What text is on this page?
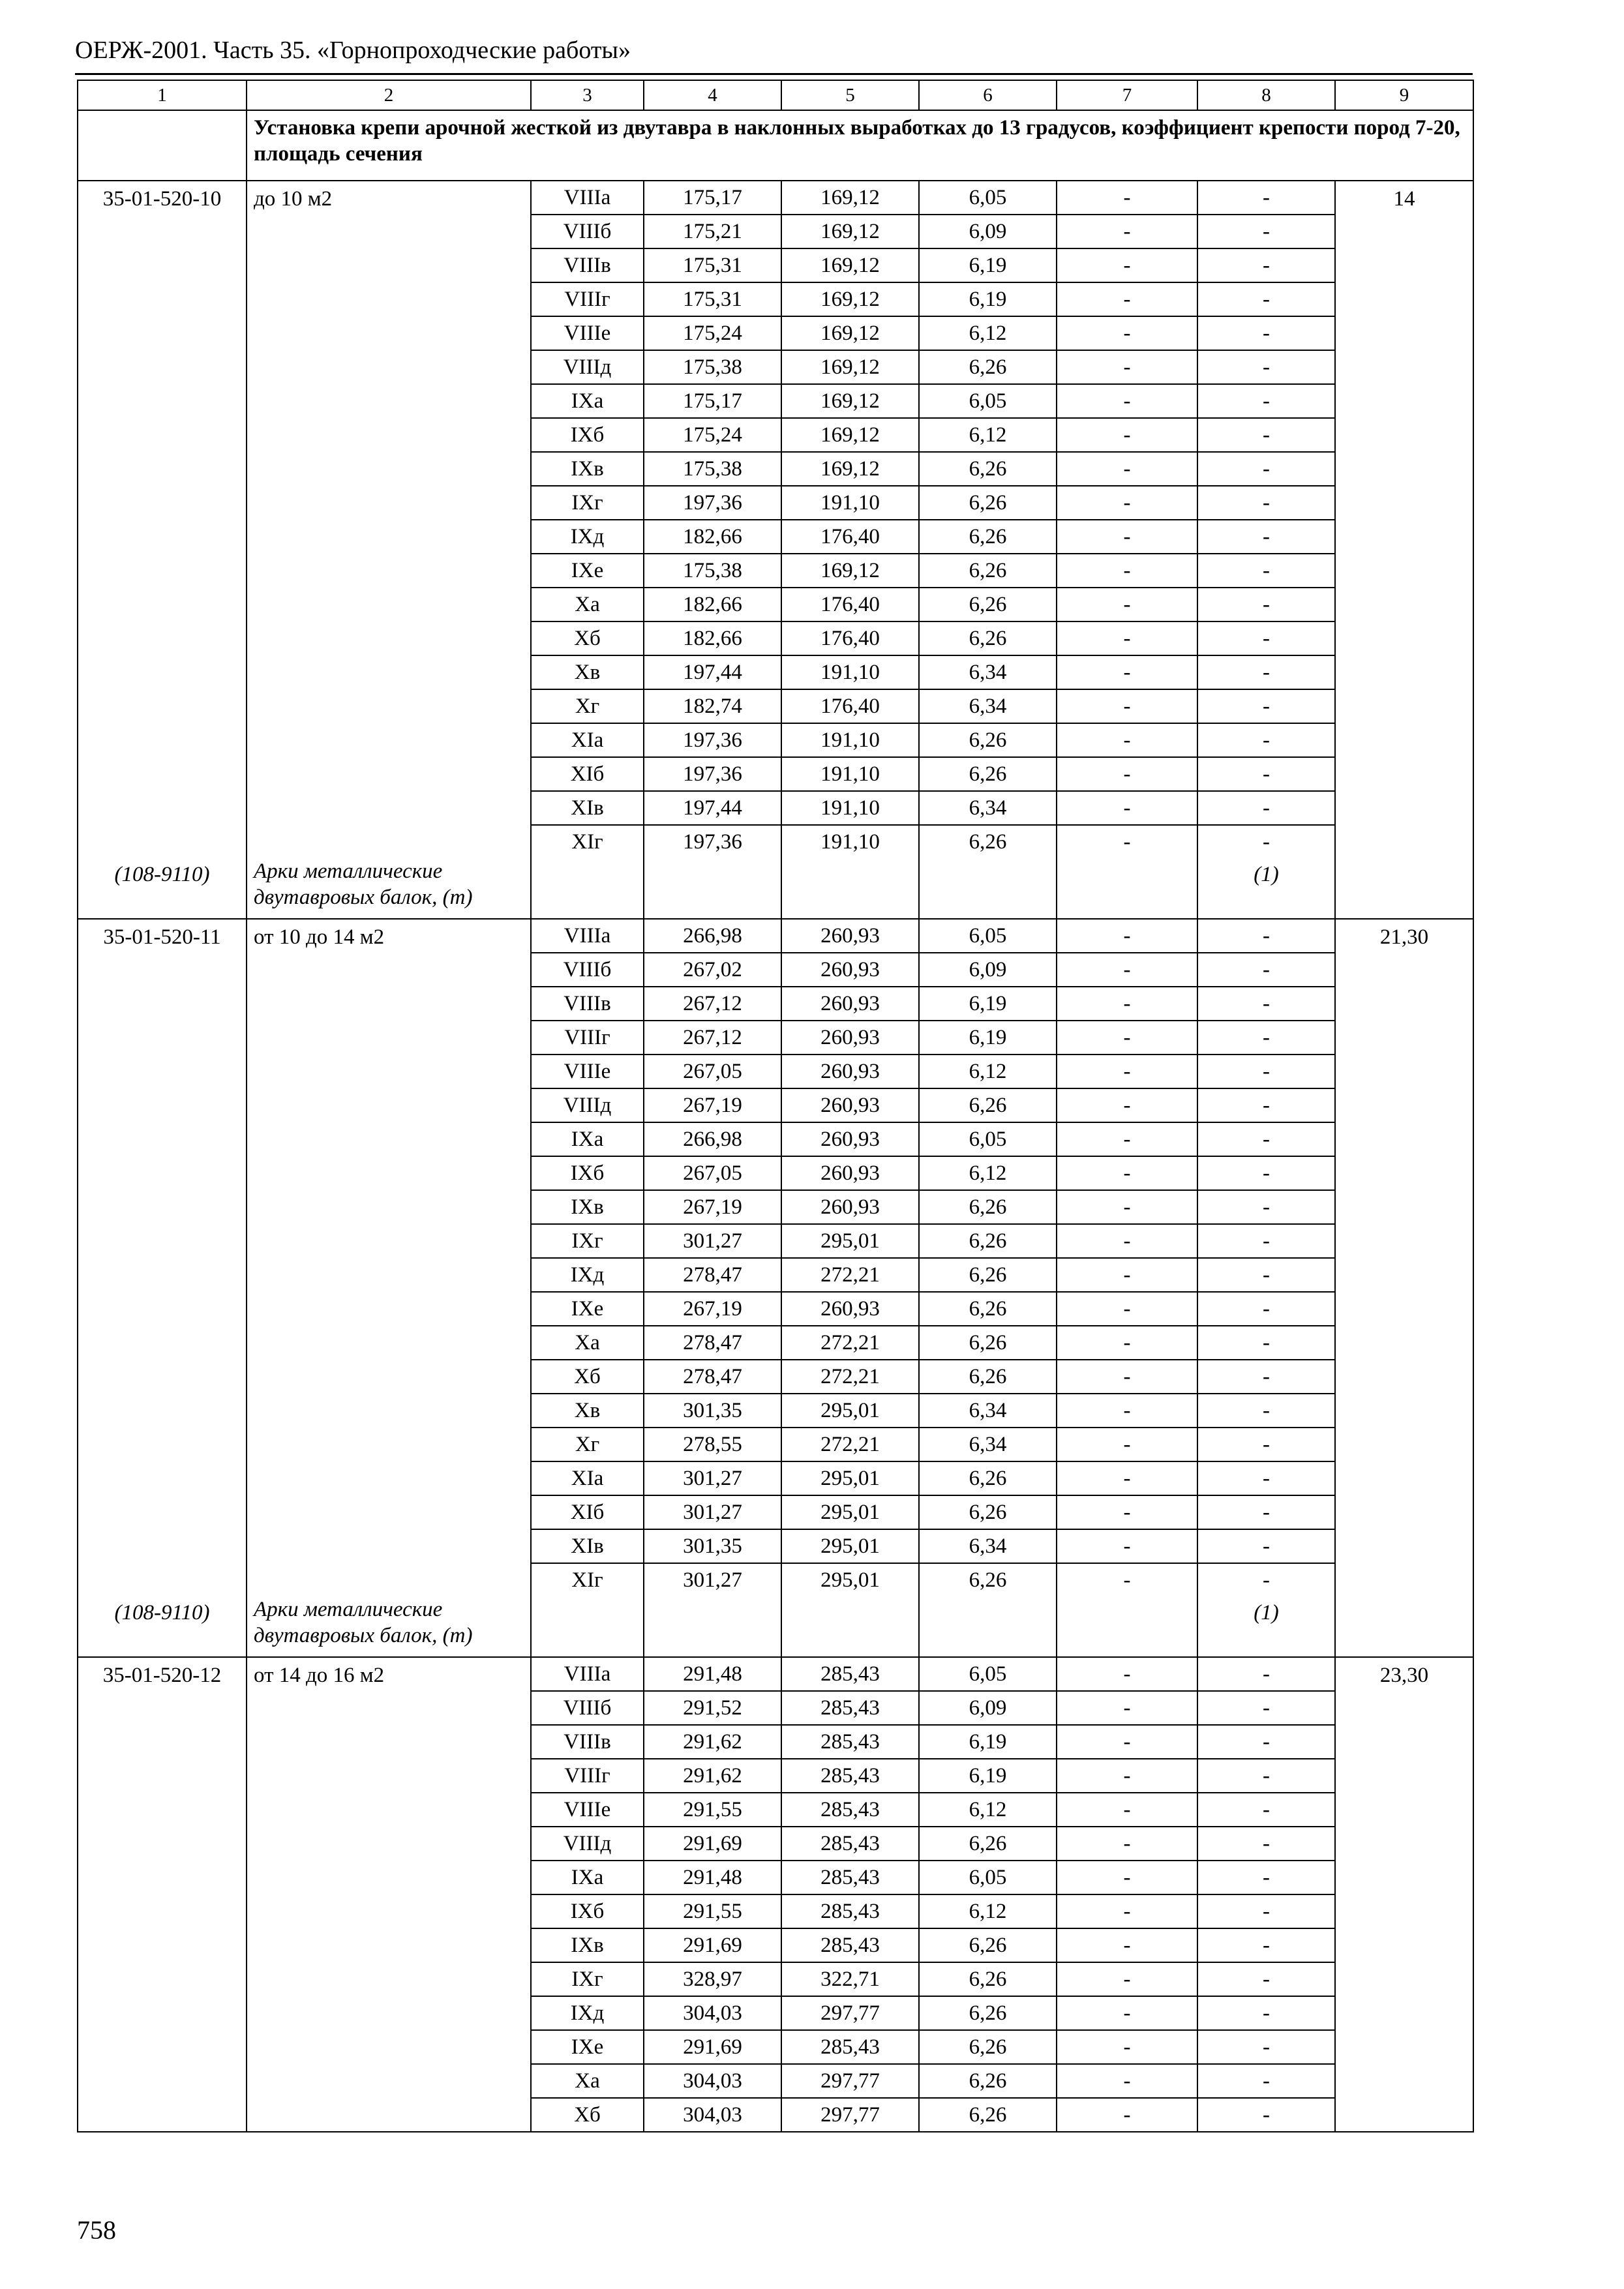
ОЕРЖ-2001. Часть 35. «Горнопроходческие работы»
1	2	3	4	5	6	7	8	9
	Установка крепи арочной жесткой из двутавра в наклонных выработках до 13 градусов, коэффициент крепости пород 7-20, площадь сечения							
35-01-520-10	до 10 м2	VIIIа	175,17	169,12	6,05	-	-	14
		VIIIб	175,21	169,12	6,09	-	-	
		VIIIв	175,31	169,12	6,19	-	-	
		VIIIг	175,31	169,12	6,19	-	-	
		VIIIе	175,24	169,12	6,12	-	-	
		VIIIд	175,38	169,12	6,26	-	-	
		IXа	175,17	169,12	6,05	-	-	
		IXб	175,24	169,12	6,12	-	-	
		IXв	175,38	169,12	6,26	-	-	
		IXг	197,36	191,10	6,26	-	-	
		IXд	182,66	176,40	6,26	-	-	
		IXе	175,38	169,12	6,26	-	-	
		Xа	182,66	176,40	6,26	-	-	
		Xб	182,66	176,40	6,26	-	-	
		Xв	197,44	191,10	6,34	-	-	
		Xг	182,74	176,40	6,34	-	-	
		XIа	197,36	191,10	6,26	-	-	
		XIб	197,36	191,10	6,26	-	-	
		XIв	197,44	191,10	6,34	-	-	
		XIг	197,36	191,10	6,26	-	-	
(108-9110)	Арки металлические двутавровых балок, (т)						(1)	
35-01-520-11	от 10 до 14 м2	VIIIа	266,98	260,93	6,05	-	-	21,30
		VIIIб	267,02	260,93	6,09	-	-	
		VIIIв	267,12	260,93	6,19	-	-	
		VIIIг	267,12	260,93	6,19	-	-	
		VIIIе	267,05	260,93	6,12	-	-	
		VIIIд	267,19	260,93	6,26	-	-	
		IXа	266,98	260,93	6,05	-	-	
		IXб	267,05	260,93	6,12	-	-	
		IXв	267,19	260,93	6,26	-	-	
		IXг	301,27	295,01	6,26	-	-	
		IXд	278,47	272,21	6,26	-	-	
		IXе	267,19	260,93	6,26	-	-	
		Xа	278,47	272,21	6,26	-	-	
		Xб	278,47	272,21	6,26	-	-	
		Xв	301,35	295,01	6,34	-	-	
		Xг	278,55	272,21	6,34	-	-	
		XIа	301,27	295,01	6,26	-	-	
		XIб	301,27	295,01	6,26	-	-	
		XIв	301,35	295,01	6,34	-	-	
		XIг	301,27	295,01	6,26	-	-	
(108-9110)	Арки металлические двутавровых балок, (т)						(1)	
35-01-520-12	от 14 до 16 м2	VIIIа	291,48	285,43	6,05	-	-	23,30
		VIIIб	291,52	285,43	6,09	-	-	
		VIIIв	291,62	285,43	6,19	-	-	
		VIIIг	291,62	285,43	6,19	-	-	
		VIIIе	291,55	285,43	6,12	-	-	
		VIIIд	291,69	285,43	6,26	-	-	
		IXа	291,48	285,43	6,05	-	-	
		IXб	291,55	285,43	6,12	-	-	
		IXв	291,69	285,43	6,26	-	-	
		IXг	328,97	322,71	6,26	-	-	
		IXд	304,03	297,77	6,26	-	-	
		IXе	291,69	285,43	6,26	-	-	
		Xа	304,03	297,77	6,26	-	-	
		Xб	304,03	297,77	6,26	-	-	
758
